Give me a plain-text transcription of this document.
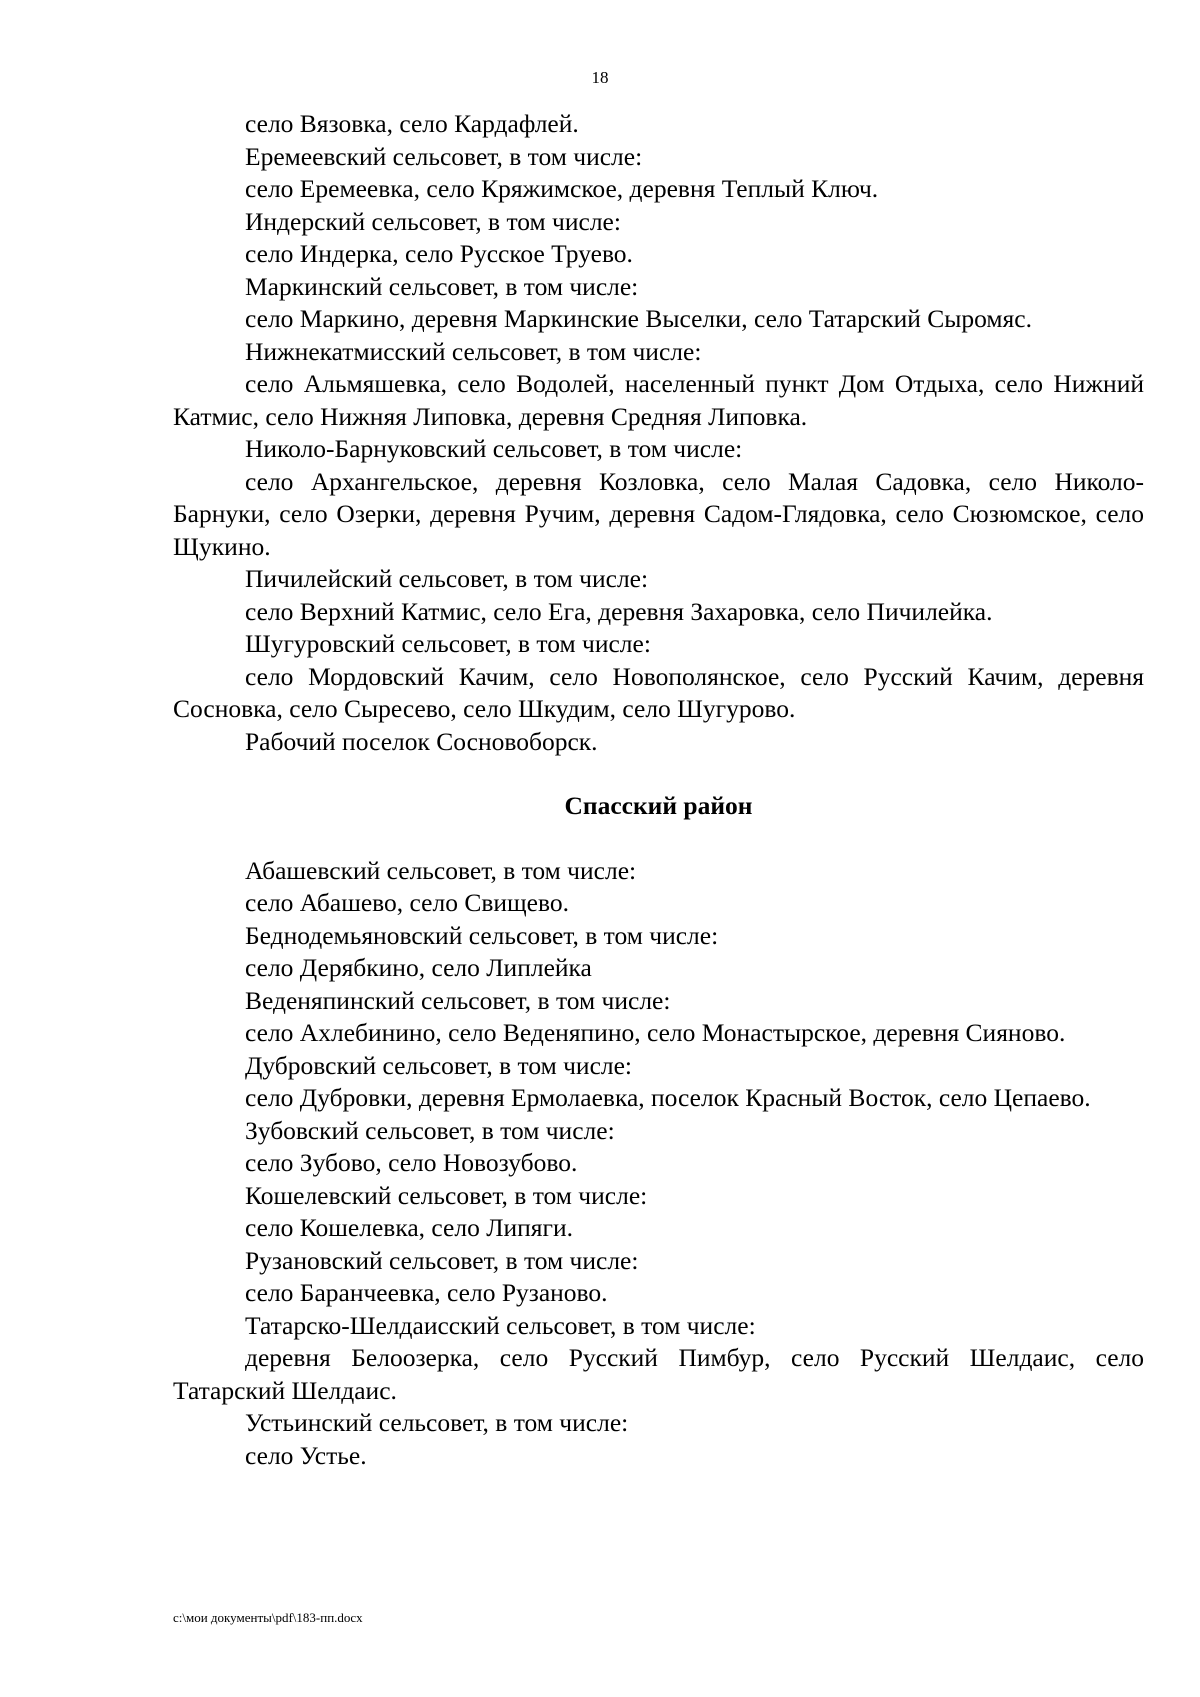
18

село Вязовка, село Кардафлей.

Еремеевский сельсовет, в том числе:

село Еремеевка, село Кряжимское, деревня Теплый Ключ.

Индерский сельсовет, в том числе:

село Индерка, село Русское Труево.

Маркинский сельсовет, в том числе:

село Маркино, деревня Маркинские Выселки, село Татарский Сыромяс.

Нижнекатмисский сельсовет, в том числе:

село Альмяшевка, село Водолей, населенный пункт Дом Отдыха, село Нижний Катмис, село Нижняя Липовка, деревня Средняя Липовка.

Николо-Барнуковский сельсовет, в том числе:

село Архангельское, деревня Козловка, село Малая Садовка, село Николо-Барнуки, село Озерки, деревня Ручим, деревня Садом-Глядовка, село Сюзюмское, село Щукино.

Пичилейский сельсовет, в том числе:

село Верхний Катмис, село Ега, деревня Захаровка, село Пичилейка.

Шугуровский сельсовет, в том числе:

село Мордовский Качим, село Новополянское, село Русский Качим, деревня Сосновка, село Сыресево, село Шкудим, село Шугурово.

Рабочий поселок Сосновоборск.

Спасский район

Абашевский сельсовет, в том числе:

село Абашево, село Свищево.

Беднодемьяновский сельсовет, в том числе:

село Дерябкино, село Липлейка

Веденяпинский сельсовет, в том числе:

село Ахлебинино, село Веденяпино, село Монастырское, деревня Сияново.

Дубровский сельсовет, в том числе:

село Дубровки, деревня Ермолаевка, поселок Красный Восток, село Цепаево.

Зубовский сельсовет, в том числе:

село Зубово, село Новозубово.

Кошелевский сельсовет, в том числе:

село Кошелевка, село Липяги.

Рузановский сельсовет, в том числе:

село Баранчеевка, село Рузаново.

Татарско-Шелдаисский сельсовет, в том числе:

деревня Белоозерка, село Русский Пимбур, село Русский Шелдаис, село Татарский Шелдаис.

Устьинский сельсовет, в том числе:

село Устье.

c:\мои документы\pdf\183-пп.docx
